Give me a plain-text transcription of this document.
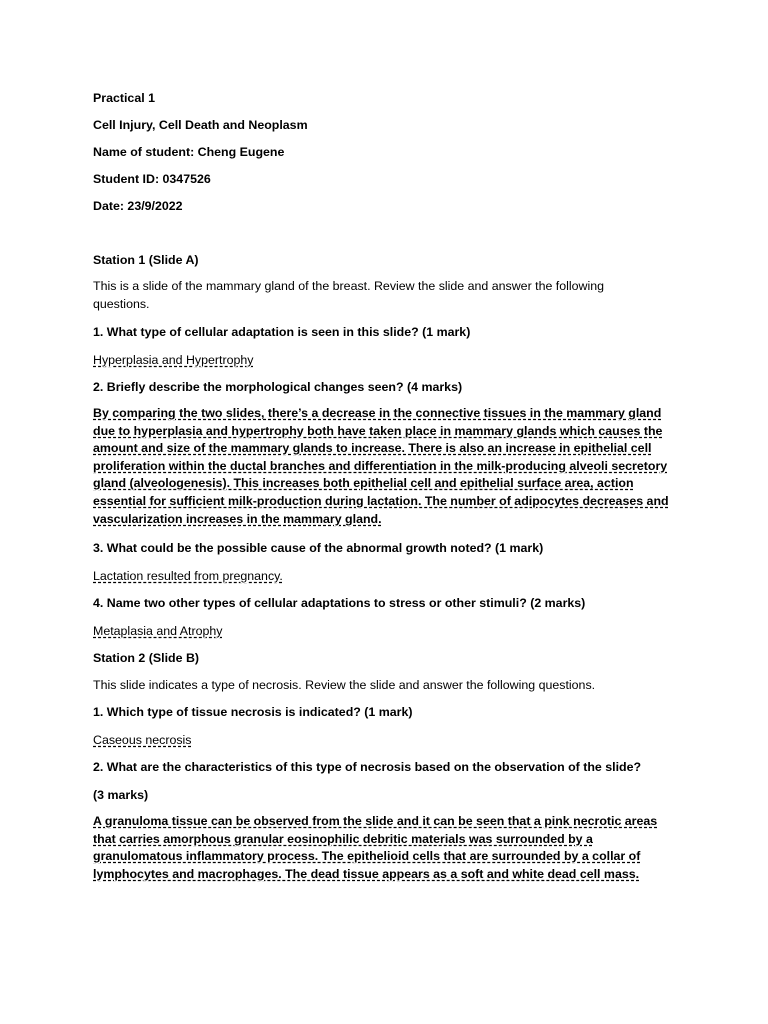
Practical 1

Cell Injury, Cell Death and Neoplasm

Name of student: Cheng Eugene

Student ID: 0347526

Date: 23/9/2022

Station 1 (Slide A)

This is a slide of the mammary gland of the breast. Review the slide and answer the following questions.

1. What type of cellular adaptation is seen in this slide? (1 mark)

Hyperplasia and Hypertrophy

2. Briefly describe the morphological changes seen? (4 marks)

By comparing the two slides, there’s a decrease in the connective tissues in the mammary gland due to hyperplasia and hypertrophy both have taken place in mammary glands which causes the amount and size of the mammary glands to increase. There is also an increase in epithelial cell proliferation within the ductal branches and differentiation in the milk-producing alveoli secretory gland (alveologenesis). This increases both epithelial cell and epithelial surface area, action essential for sufficient milk-production during lactation. The number of adipocytes decreases and vascularization increases in the mammary gland.

3. What could be the possible cause of the abnormal growth noted? (1 mark)

Lactation resulted from pregnancy.

4. Name two other types of cellular adaptations to stress or other stimuli? (2 marks)

Metaplasia and Atrophy

Station 2 (Slide B)

This slide indicates a type of necrosis. Review the slide and answer the following questions.

1. Which type of tissue necrosis is indicated? (1 mark)

Caseous necrosis

2. What are the characteristics of this type of necrosis based on the observation of the slide?

(3 marks)

A granuloma tissue can be observed from the slide and it can be seen that a pink necrotic areas that carries amorphous granular eosinophilic debritic materials was surrounded by a granulomatous inflammatory process. The epithelioid cells that are surrounded by a collar of lymphocytes and macrophages. The dead tissue appears as a soft and white dead cell mass.
